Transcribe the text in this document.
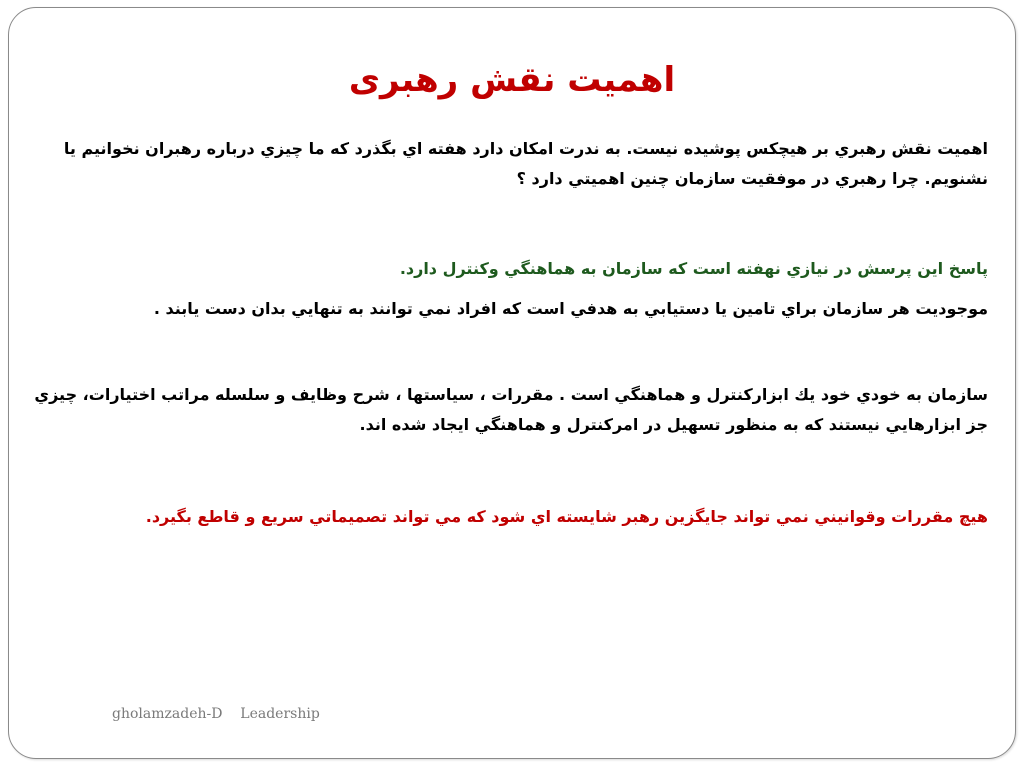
اهمیت نقش رهبری
اهميت نقش رهبري بر هيچكس پوشيده نيست. به ندرت امكان دارد هفته اي بگذرد كه ما چيزي درباره رهبران نخوانيم يا نشنويم. چرا رهبري در موفقيت سازمان چنين اهميتي دارد ؟
پاسخ اين پرسش در نيازي نهفته است كه سازمان به هماهنگي وكنترل دارد.
موجوديت هر سازمان براي تامين يا دستيابي به هدفي است كه افراد نمي توانند به تنهايي بدان دست يابند .
سازمان به خودي خود يك ابزاركنترل و هماهنگي است . مقررات ، سياستها ، شرح وظايف و سلسله مراتب اختيارات، چيزي جز ابزارهايي نيستند كه به منظور تسهيل در امركنترل و هماهنگي ايجاد شده اند.
هيچ مقررات وقوانيني نمي تواند جايگزين رهبر شايسته اي شود كه مي تواند تصميماتي سريع و قاطع بگيرد.
gholamzadeh-D Leadership
